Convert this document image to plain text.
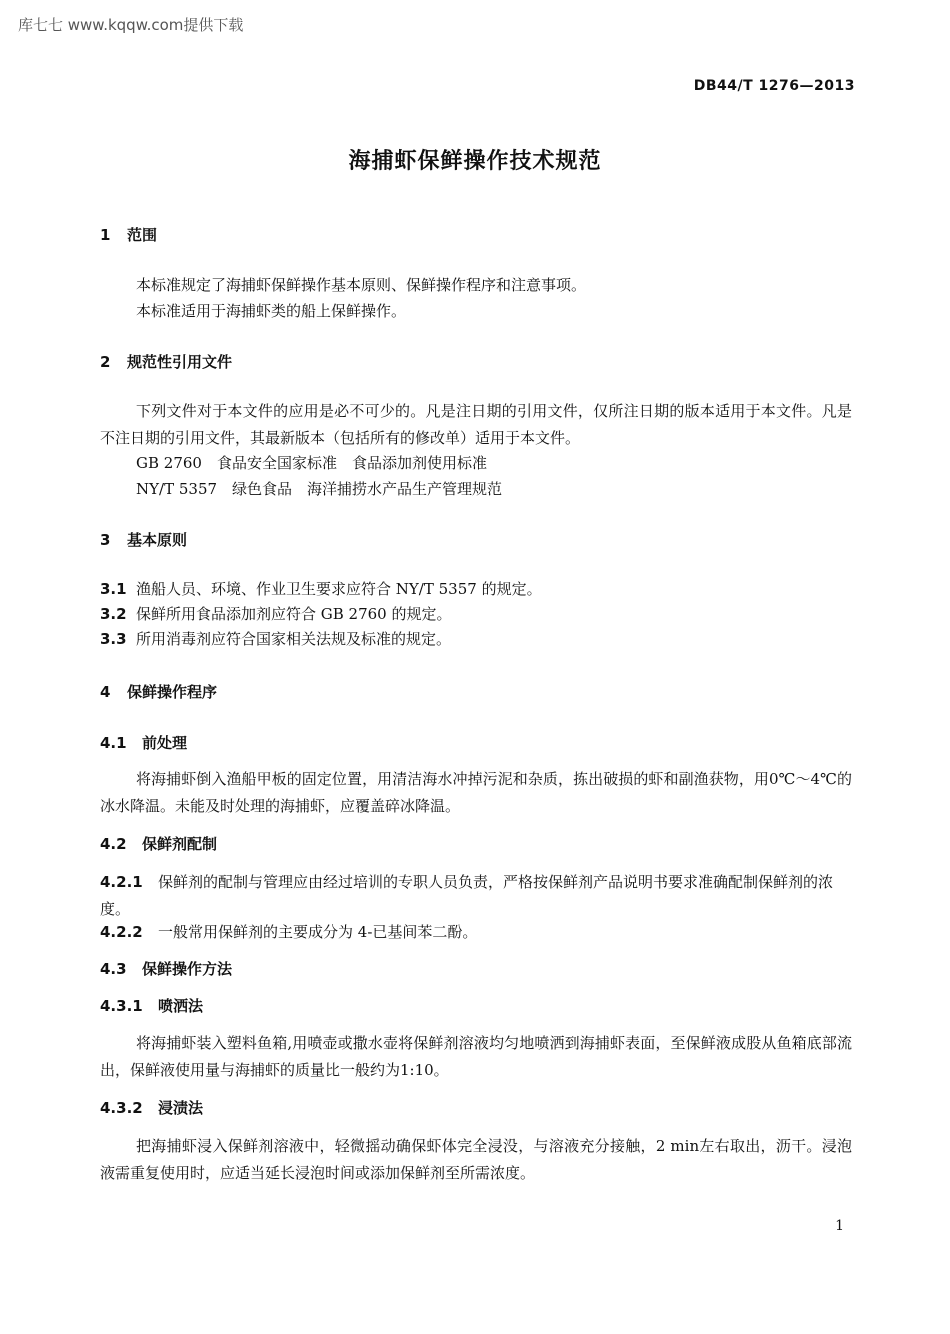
库七七 www.kqqw.com提供下载
DB44/T 1276—2013
海捕虾保鲜操作技术规范
1 范围
本标准规定了海捕虾保鲜操作基本原则、保鲜操作程序和注意事项。
本标准适用于海捕虾类的船上保鲜操作。
2 规范性引用文件
下列文件对于本文件的应用是必不可少的。凡是注日期的引用文件，仅所注日期的版本适用于本文件。凡是不注日期的引用文件，其最新版本（包括所有的修改单）适用于本文件。
GB 2760　食品安全国家标准　食品添加剂使用标准
NY/T 5357　绿色食品　海洋捕捞水产品生产管理规范
3 基本原则
3.1 渔船人员、环境、作业卫生要求应符合 NY/T 5357 的规定。
3.2 保鲜所用食品添加剂应符合 GB 2760 的规定。
3.3 所用消毒剂应符合国家相关法规及标准的规定。
4 保鲜操作程序
4.1 前处理
将海捕虾倒入渔船甲板的固定位置，用清洁海水冲掉污泥和杂质，拣出破损的虾和副渔获物，用0℃～4℃的冰水降温。未能及时处理的海捕虾，应覆盖碎冰降温。
4.2 保鲜剂配制
4.2.1 保鲜剂的配制与管理应由经过培训的专职人员负责，严格按保鲜剂产品说明书要求准确配制保鲜剂的浓度。
4.2.2 一般常用保鲜剂的主要成分为 4-已基间苯二酚。
4.3 保鲜操作方法
4.3.1 喷洒法
将海捕虾装入塑料鱼箱,用喷壶或撒水壶将保鲜剂溶液均匀地喷洒到海捕虾表面，至保鲜液成股从鱼箱底部流出，保鲜液使用量与海捕虾的质量比一般约为1:10。
4.3.2 浸渍法
把海捕虾浸入保鲜剂溶液中，轻微摇动确保虾体完全浸没，与溶液充分接触，2 min左右取出，沥干。浸泡液需重复使用时，应适当延长浸泡时间或添加保鲜剂至所需浓度。
1
